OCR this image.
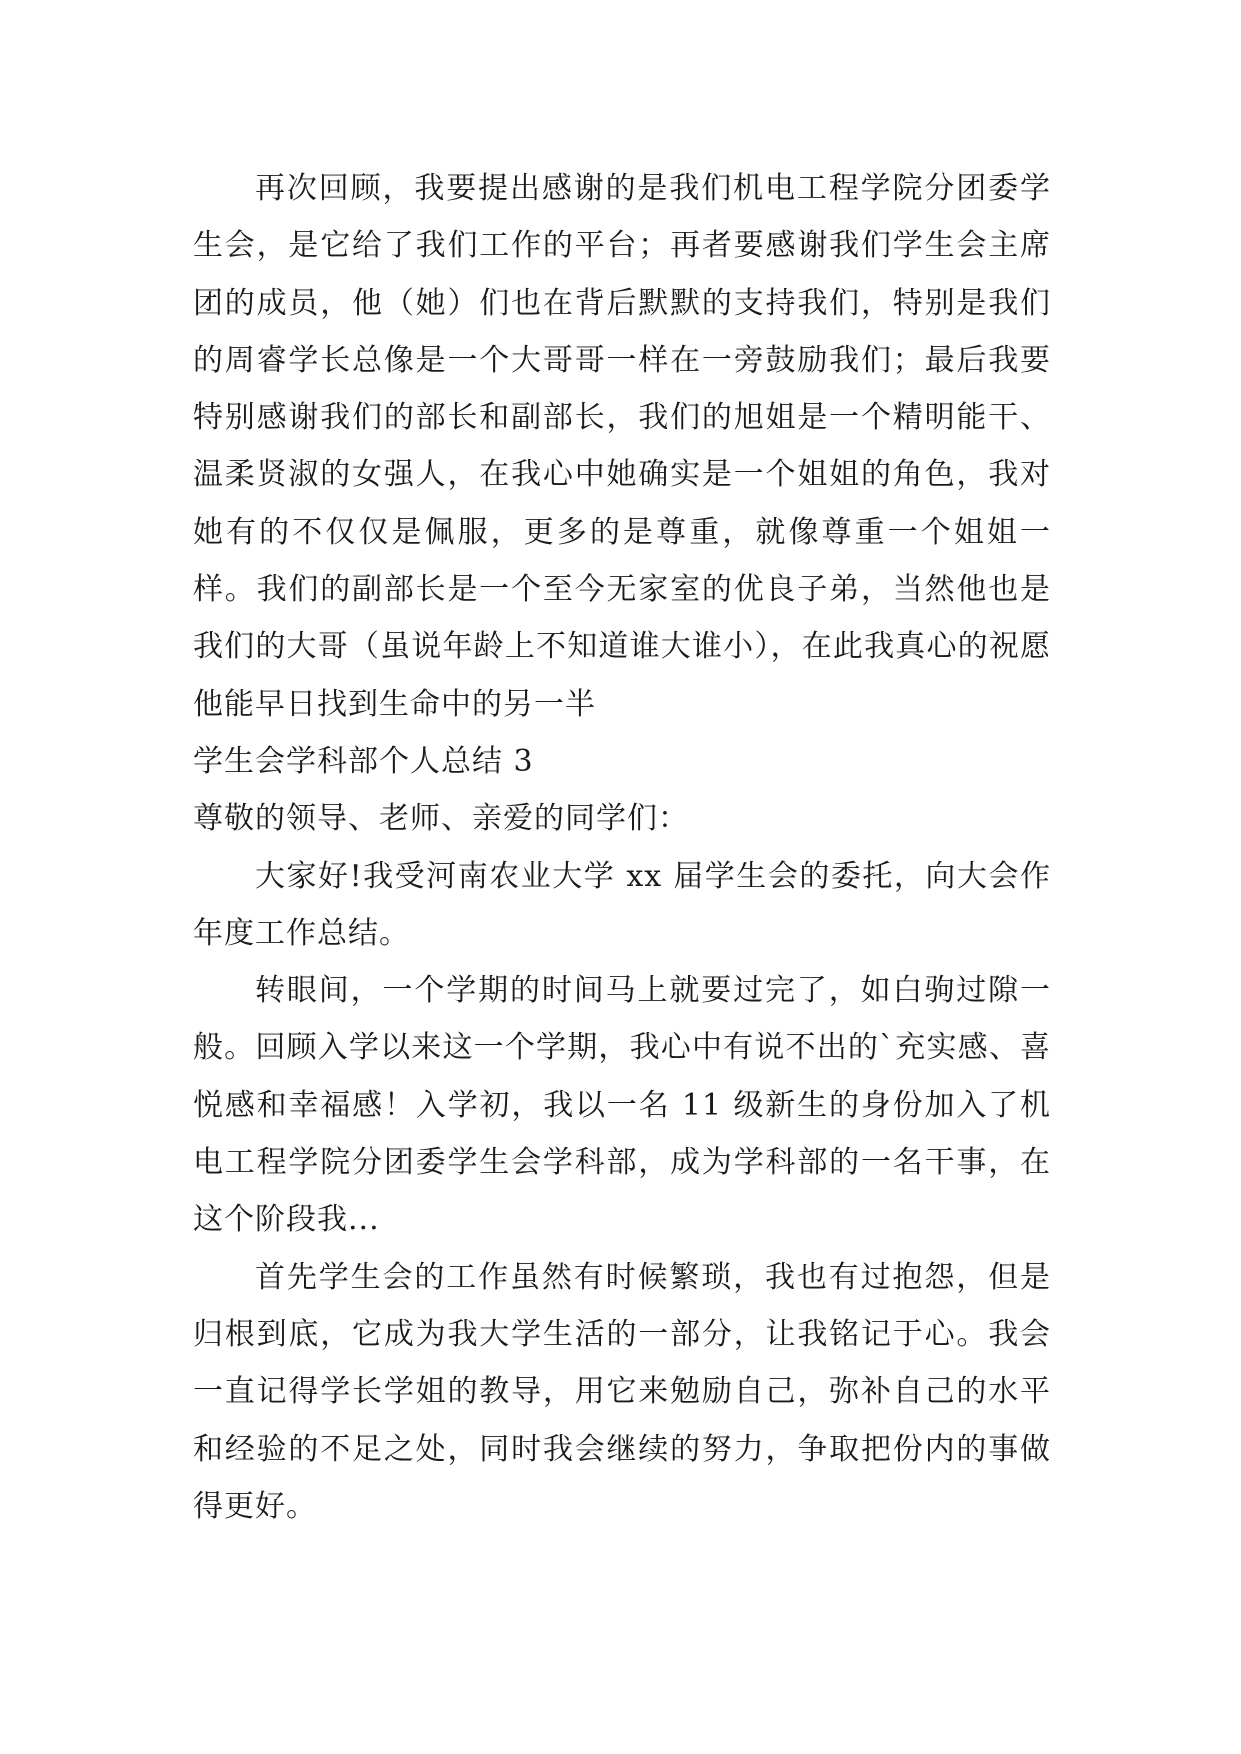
再次回顾，我要提出感谢的是我们机电工程学院分团委学生会，是它给了我们工作的平台；再者要感谢我们学生会主席团的成员，他（她）们也在背后默默的支持我们，特别是我们的周睿学长总像是一个大哥哥一样在一旁鼓励我们；最后我要特别感谢我们的部长和副部长，我们的旭姐是一个精明能干、温柔贤淑的女强人，在我心中她确实是一个姐姐的角色，我对她有的不仅仅是佩服，更多的是尊重，就像尊重一个姐姐一样。我们的副部长是一个至今无家室的优良子弟，当然他也是我们的大哥（虽说年龄上不知道谁大谁小），在此我真心的祝愿他能早日找到生命中的另一半

学生会学科部个人总结 3

尊敬的领导、老师、亲爱的同学们：

大家好!我受河南农业大学 xx 届学生会的委托，向大会作年度工作总结。

转眼间，一个学期的时间马上就要过完了，如白驹过隙一般。回顾入学以来这一个学期，我心中有说不出的`充实感、喜悦感和幸福感！入学初，我以一名 11 级新生的身份加入了机电工程学院分团委学生会学科部，成为学科部的一名干事，在这个阶段我...

首先学生会的工作虽然有时候繁琐，我也有过抱怨，但是归根到底，它成为我大学生活的一部分，让我铭记于心。我会一直记得学长学姐的教导，用它来勉励自己，弥补自己的水平和经验的不足之处，同时我会继续的努力，争取把份内的事做得更好。
